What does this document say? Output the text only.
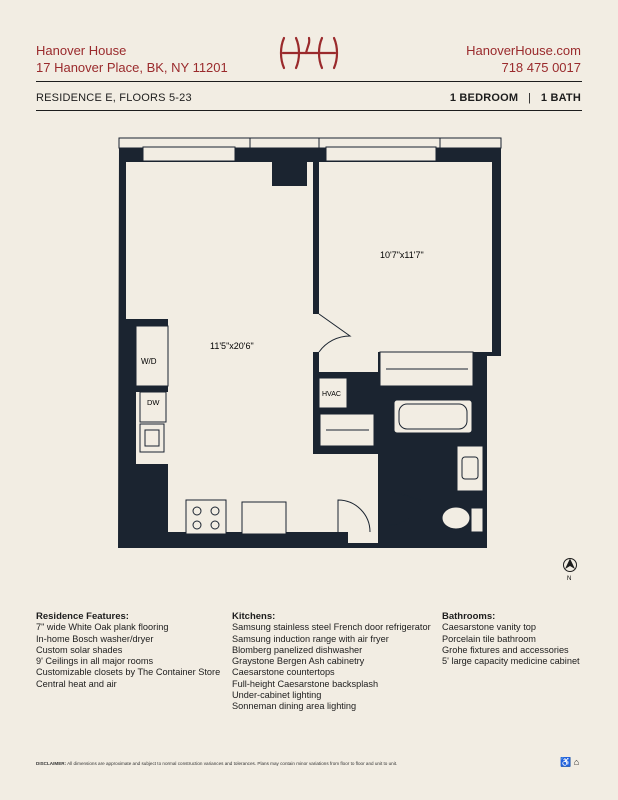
Hanover House
17 Hanover Place, BK, NY 11201
HanoverHouse.com
718 475 0017
RESIDENCE E, FLOORS 5-23	1 BEDROOM | 1 BATH
W/D
DW
HVAC
11'5"x20'6"
10'7"x11'7"
N
Residence Features:
7" wide White Oak plank flooring
In-home Bosch washer/dryer
Custom solar shades
9' Ceilings in all major rooms
Customizable closets by The Container Store
Central heat and air
Kitchens:
Samsung stainless steel French door refrigerator
Samsung induction range with air fryer
Blomberg panelized dishwasher
Graystone Bergen Ash cabinetry
Caesarstone countertops
Full-height Caesarstone backsplash
Under-cabinet lighting
Sonneman dining area lighting
Bathrooms:
Caesarstone vanity top
Porcelain tile bathroom
Grohe fixtures and accessories
5' large capacity medicine cabinet
DISCLAIMER: All dimensions are approximate and subject to normal construction variances and tolerances. Plans may contain minor variations from floor to floor and unit to unit.	♿ ⌂
